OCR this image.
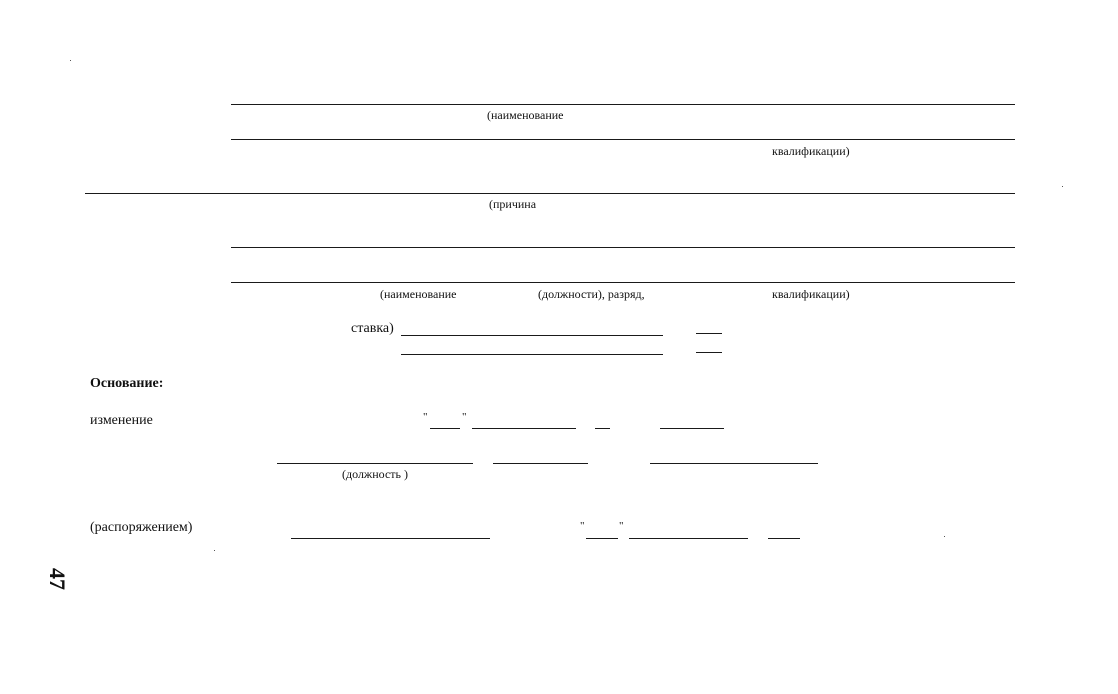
(наименование
квалификации)
(причина
(наименование	(должности), разряд,	квалификации)
ставка)
Основание:
изменение	"	"
(должность )
(распоряжением)	"	"
47
